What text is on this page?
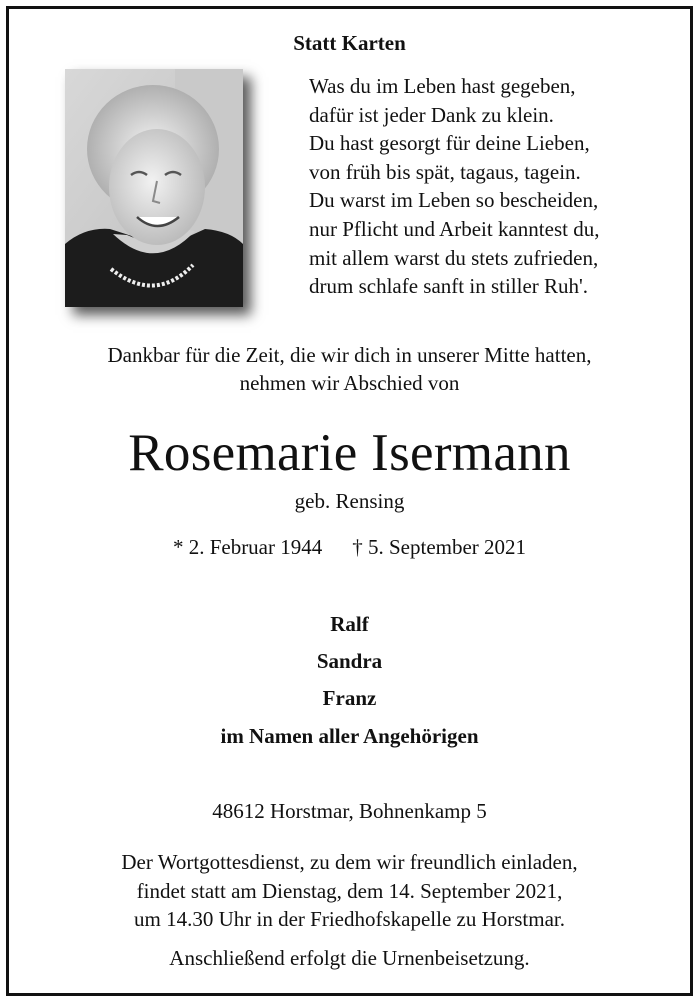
Statt Karten
Was du im Leben hast gegeben,
dafür ist jeder Dank zu klein.
Du hast gesorgt für deine Lieben,
von früh bis spät, tagaus, tagein.
Du warst im Leben so bescheiden,
nur Pflicht und Arbeit kanntest du,
mit allem warst du stets zufrieden,
drum schlafe sanft in stiller Ruh'.
Dankbar für die Zeit, die wir dich in unserer Mitte hatten,
nehmen wir Abschied von
Rosemarie Isermann
geb. Rensing
* 2. Februar 1944 † 5. September 2021
Ralf
Sandra
Franz
im Namen aller Angehörigen
48612 Horstmar, Bohnenkamp 5
Der Wortgottesdienst, zu dem wir freundlich einladen,
findet statt am Dienstag, dem 14. September 2021,
um 14.30 Uhr in der Friedhofskapelle zu Horstmar.
Anschließend erfolgt die Urnenbeisetzung.
